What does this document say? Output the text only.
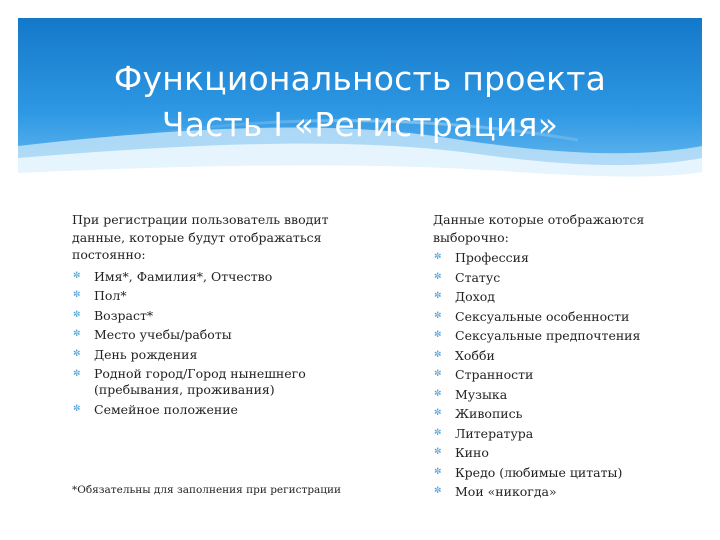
Функциональность проекта
Часть I «Регистрация»
При регистрации пользователь вводит данные, которые будут отображаться постоянно:
✼ Имя*, Фамилия*, Отчество
✼ Пол*
✼ Возраст*
✼ Место учебы/работы
✼ День рождения
✼ Родной город/Город нынешнего (пребывания, проживания)
✼ Семейное положение
*Обязательны для заполнения при регистрации
Данные которые отображаются выборочно:
✼ Профессия
✼ Статус
✼ Доход
✼ Сексуальные особенности
✼ Сексуальные предпочтения
✼ Хобби
✼ Странности
✼ Музыка
✼ Живопись
✼ Литература
✼ Кино
✼ Кредо (любимые цитаты)
✼ Мои «никогда»
